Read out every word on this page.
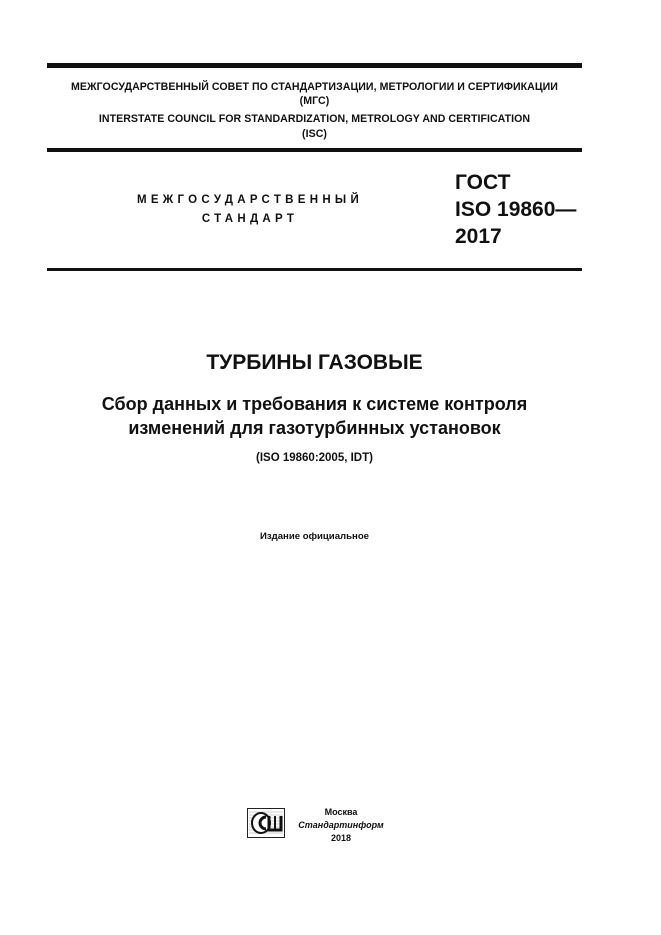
МЕЖГОСУДАРСТВЕННЫЙ СОВЕТ ПО СТАНДАРТИЗАЦИИ, МЕТРОЛОГИИ И СЕРТИФИКАЦИИ
(МГС)
INTERSTATE COUNCIL FOR STANDARDIZATION, METROLOGY AND CERTIFICATION
(ISC)
МЕЖГОСУДАРСТВЕННЫЙ
СТАНДАРТ
ГОСТ
ISO 19860—
2017
ТУРБИНЫ ГАЗОВЫЕ
Сбор данных и требования к системе контроля
изменений для газотурбинных установок
(ISO 19860:2005, IDT)
Издание официальное
Москва
Стандартинформ
2018
